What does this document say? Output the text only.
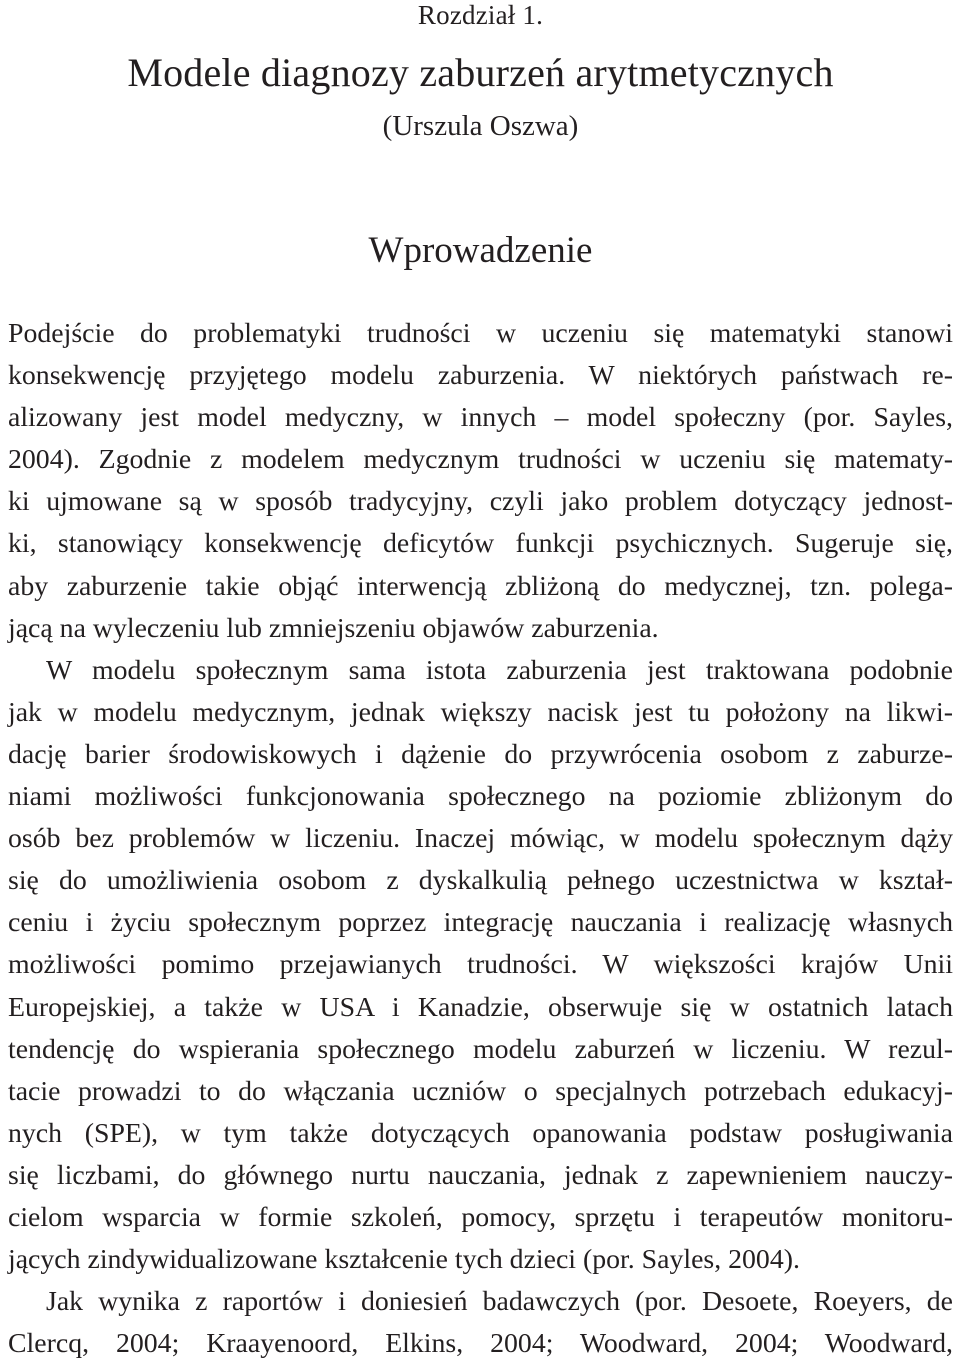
Rozdział 1.
Modele diagnozy zaburzeń arytmetycznych
(Urszula Oszwa)
Wprowadzenie
Podejście do problematyki trudności w uczeniu się matematyki stanowi
konsekwencję przyjętego modelu zaburzenia. W niektórych państwach re-
alizowany jest model medyczny, w innych – model społeczny (por. Sayles,
2004). Zgodnie z modelem medycznym trudności w uczeniu się matematy-
ki ujmowane są w sposób tradycyjny, czyli jako problem dotyczący jednost-
ki, stanowiący konsekwencję deficytów funkcji psychicznych. Sugeruje się,
aby zaburzenie takie objąć interwencją zbliżoną do medycznej, tzn. polega-
jącą na wyleczeniu lub zmniejszeniu objawów zaburzenia.
W modelu społecznym sama istota zaburzenia jest traktowana podobnie
jak w modelu medycznym, jednak większy nacisk jest tu położony na likwi-
dację barier środowiskowych i dążenie do przywrócenia osobom z zaburze-
niami możliwości funkcjonowania społecznego na poziomie zbliżonym do
osób bez problemów w liczeniu. Inaczej mówiąc, w modelu społecznym dąży
się do umożliwienia osobom z dyskalkulią pełnego uczestnictwa w kształ-
ceniu i życiu społecznym poprzez integrację nauczania i realizację własnych
możliwości pomimo przejawianych trudności. W większości krajów Unii
Europejskiej, a także w USA i Kanadzie, obserwuje się w ostatnich latach
tendencję do wspierania społecznego modelu zaburzeń w liczeniu. W rezul-
tacie prowadzi to do włączania uczniów o specjalnych potrzebach edukacyj-
nych (SPE), w tym także dotyczących opanowania podstaw posługiwania
się liczbami, do głównego nurtu nauczania, jednak z zapewnieniem nauczy-
cielom wsparcia w formie szkoleń, pomocy, sprzętu i terapeutów monitoru-
jących zindywidualizowane kształcenie tych dzieci (por. Sayles, 2004).
Jak wynika z raportów i doniesień badawczych (por. Desoete, Roeyers, de
Clercq, 2004; Kraayenoord, Elkins, 2004; Woodward, 2004; Woodward,
